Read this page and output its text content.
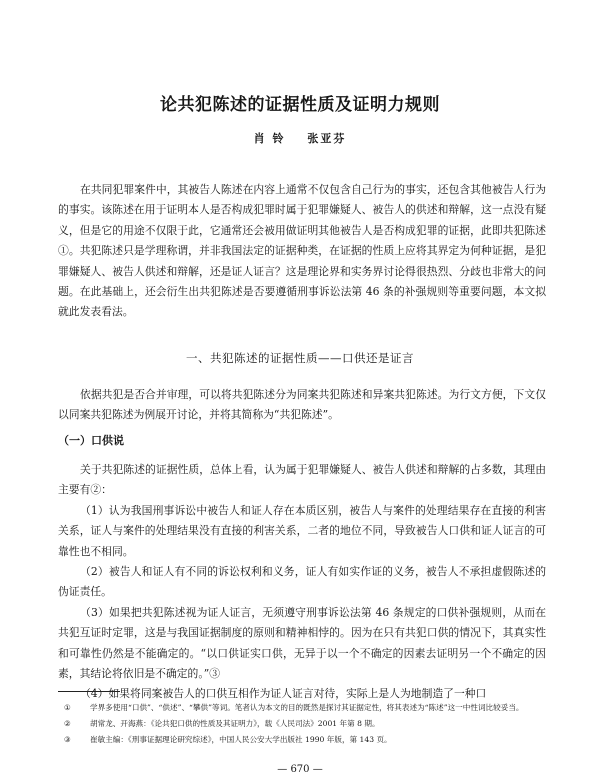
论共犯陈述的证据性质及证明力规则
肖 铃 张亚芬

在共同犯罪案件中，其被告人陈述在内容上通常不仅包含自己行为的事实，还包含其他被告人行为的事实。该陈述在用于证明本人是否构成犯罪时属于犯罪嫌疑人、被告人的供述和辩解，这一点没有疑义，但是它的用途不仅限于此，它通常还会被用做证明其他被告人是否构成犯罪的证据，此即共犯陈述①。共犯陈述只是学理称谓，并非我国法定的证据种类，在证据的性质上应将其界定为何种证据，是犯罪嫌疑人、被告人供述和辩解，还是证人证言？这是理论界和实务界讨论得很热烈、分歧也非常大的问题。在此基础上，还会衍生出共犯陈述是否要遵循刑事诉讼法第 46 条的补强规则等重要问题，本文拟就此发表看法。

一、共犯陈述的证据性质——口供还是证言

依据共犯是否合并审理，可以将共犯陈述分为同案共犯陈述和异案共犯陈述。为行文方便，下文仅以同案共犯陈述为例展开讨论，并将其简称为“共犯陈述”。

（一）口供说

关于共犯陈述的证据性质，总体上看，认为属于犯罪嫌疑人、被告人供述和辩解的占多数，其理由主要有②：

（1）认为我国刑事诉讼中被告人和证人存在本质区别，被告人与案件的处理结果存在直接的利害关系，证人与案件的处理结果没有直接的利害关系，二者的地位不同，导致被告人口供和证人证言的可靠性也不相同。

（2）被告人和证人有不同的诉讼权利和义务，证人有如实作证的义务，被告人不承担虚假陈述的伪证责任。

（3）如果把共犯陈述视为证人证言，无须遵守刑事诉讼法第 46 条规定的口供补强规则，从而在共犯互证时定罪，这是与我国证据制度的原则和精神相悖的。因为在只有共犯口供的情况下，其真实性和可靠性仍然是不能确定的。“以口供证实口供，无异于以一个不确定的因素去证明另一个不确定的因素，其结论将依旧是不确定的。”③

（4）如果将同案被告人的口供互相作为证人证言对待，实际上是人为地制造了一种口

①	学界多使用“口供”、“供述”、“攀供”等词。笔者认为本文的目的既然是探讨其证据定性，将其表述为“陈述”这一中性词比较妥当。
②	胡常龙、开海燕：《论共犯口供的性质及其证明力》，载《人民司法》2001 年第 8 期。
③	崔敏主编：《刑事证据理论研究综述》，中国人民公安大学出版社 1990 年版，第 143 页。
— 670 —
